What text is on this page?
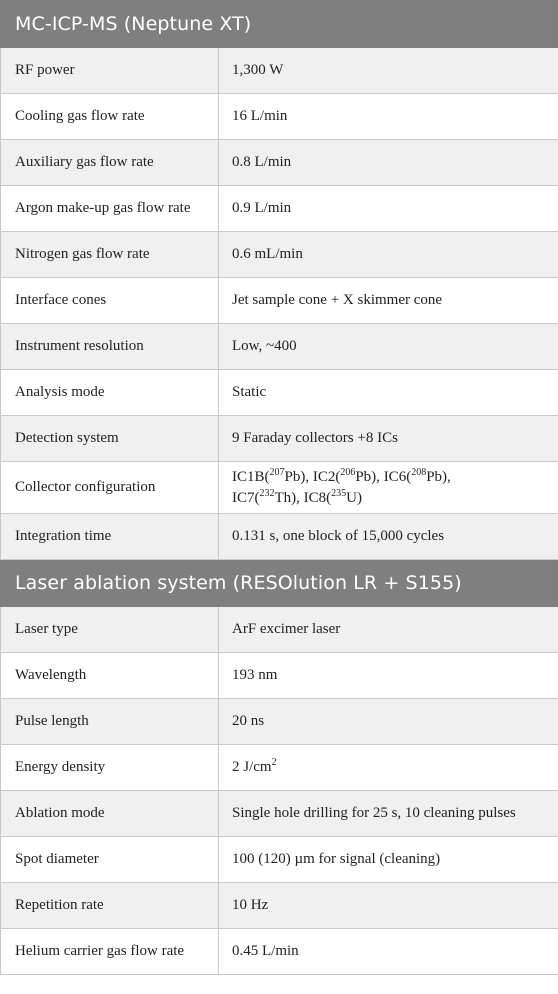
MC-ICP-MS (Neptune XT)	
RF power	1,300 W
Cooling gas flow rate	16 L/min
Auxiliary gas flow rate	0.8 L/min
Argon make-up gas flow rate	0.9 L/min
Nitrogen gas flow rate	0.6 mL/min
Interface cones	Jet sample cone + X skimmer cone
Instrument resolution	Low, ~400
Analysis mode	Static
Detection system	9 Faraday collectors +8 ICs
Collector configuration	IC1B($^{207}$Pb), IC2($^{206}$Pb), IC6($^{208}$Pb),
IC7($^{232}$Th), IC8($^{235}$U)
Integration time	0.131 s, one block of 15,000 cycles
Laser ablation system (RESOlution LR + S155)	
Laser type	ArF excimer laser
Wavelength	193 nm
Pulse length	20 ns
Energy density	2 $J/cm^2$
Ablation mode	Single hole drilling for 25 s, 10 cleaning pulses
Spot diameter	100 (120) µm for signal (cleaning)
Repetition rate	10 Hz
Helium carrier gas flow rate	0.45 L/min
